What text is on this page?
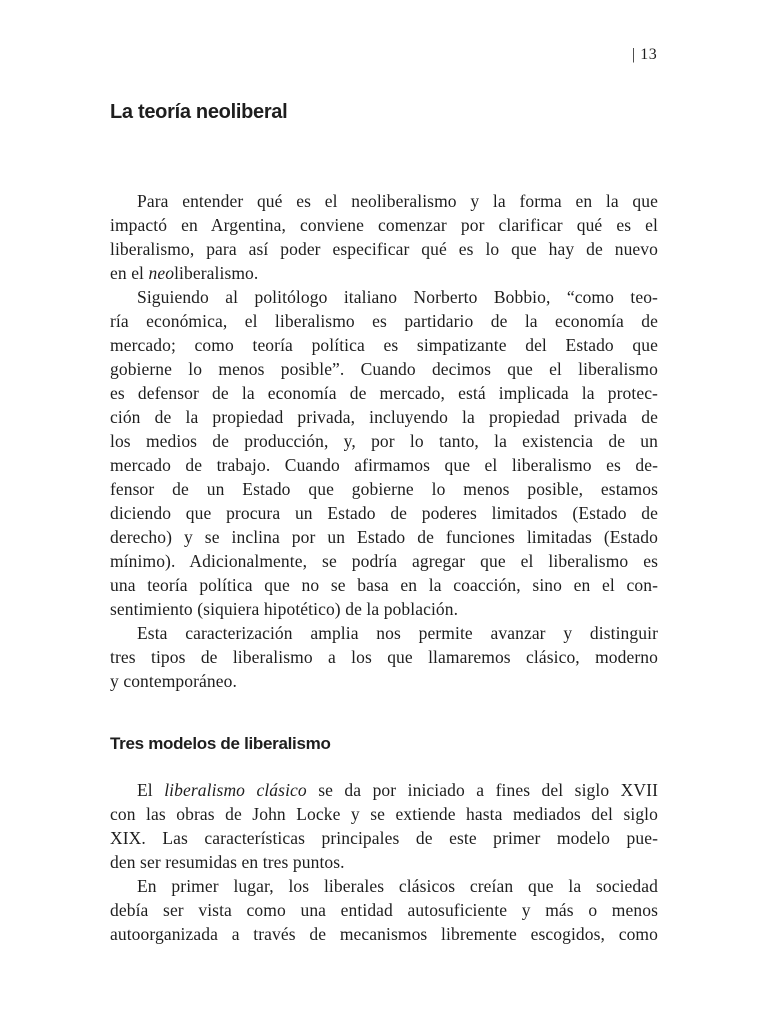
| 13
La teoría neoliberal
Para entender qué es el neoliberalismo y la forma en la que
impactó en Argentina, conviene comenzar por clarificar qué es el
liberalismo, para así poder especificar qué es lo que hay de nuevo
en el neoliberalismo.
Siguiendo al politólogo italiano Norberto Bobbio, “como teo-
ría económica, el liberalismo es partidario de la economía de
mercado; como teoría política es simpatizante del Estado que
gobierne lo menos posible”. Cuando decimos que el liberalismo
es defensor de la economía de mercado, está implicada la protec-
ción de la propiedad privada, incluyendo la propiedad privada de
los medios de producción, y, por lo tanto, la existencia de un
mercado de trabajo. Cuando afirmamos que el liberalismo es de-
fensor de un Estado que gobierne lo menos posible, estamos
diciendo que procura un Estado de poderes limitados (Estado de
derecho) y se inclina por un Estado de funciones limitadas (Estado
mínimo). Adicionalmente, se podría agregar que el liberalismo es
una teoría política que no se basa en la coacción, sino en el con-
sentimiento (siquiera hipotético) de la población.
Esta caracterización amplia nos permite avanzar y distinguir
tres tipos de liberalismo a los que llamaremos clásico, moderno
y contemporáneo.
Tres modelos de liberalismo
El liberalismo clásico se da por iniciado a fines del siglo XVII
con las obras de John Locke y se extiende hasta mediados del siglo
XIX. Las características principales de este primer modelo pue-
den ser resumidas en tres puntos.
En primer lugar, los liberales clásicos creían que la sociedad
debía ser vista como una entidad autosuficiente y más o menos
autoorganizada a través de mecanismos libremente escogidos, como
